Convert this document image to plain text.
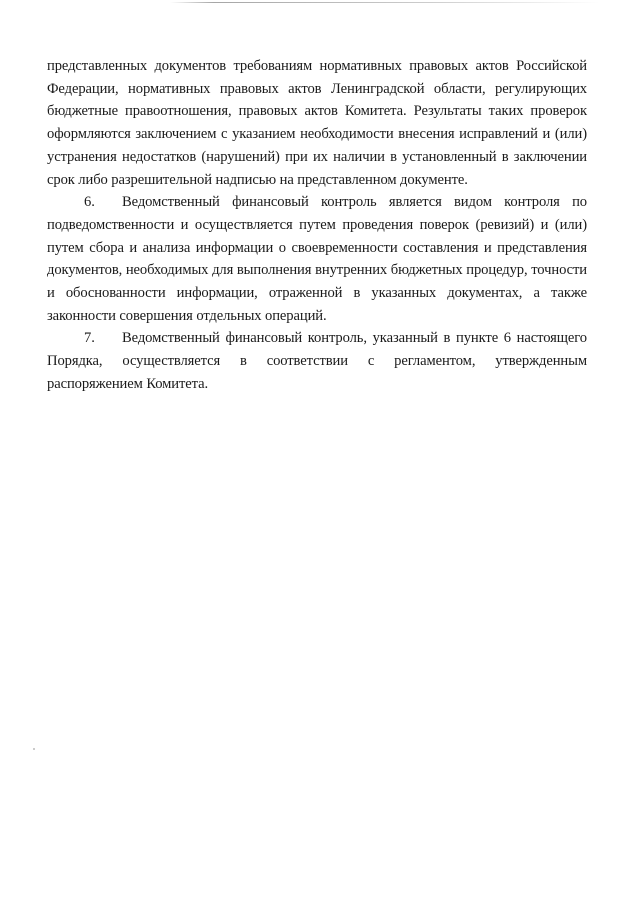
представленных документов требованиям нормативных правовых актов Российской Федерации, нормативных правовых актов Ленинградской области, регулирующих бюджетные правоотношения, правовых актов Комитета. Результаты таких проверок оформляются заключением с указанием необходимости внесения исправлений и (или) устранения недостатков (нарушений) при их наличии в установленный в заключении срок либо разрешительной надписью на представленном документе.

6. Ведомственный финансовый контроль является видом контроля по подведомственности и осуществляется путем проведения поверок (ревизий) и (или) путем сбора и анализа информации о своевременности составления и представления документов, необходимых для выполнения внутренних бюджетных процедур, точности и обоснованности информации, отраженной в указанных документах, а также законности совершения отдельных операций.

7. Ведомственный финансовый контроль, указанный в пункте 6 настоящего Порядка, осуществляется в соответствии с регламентом, утвержденным распоряжением Комитета.
